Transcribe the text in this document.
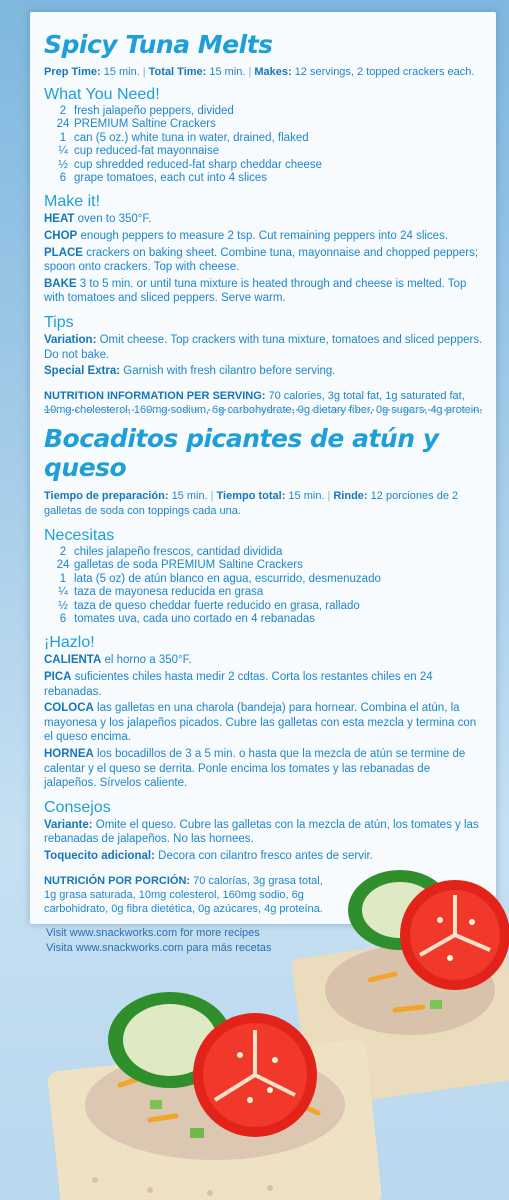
Spicy Tuna Melts
Prep Time: 15 min. | Total Time: 15 min. | Makes: 12 servings, 2 topped crackers each.
What You Need!
2 fresh jalapeño peppers, divided
24 PREMIUM Saltine Crackers
1 can (5 oz.) white tuna in water, drained, flaked
¼ cup reduced-fat mayonnaise
½ cup shredded reduced-fat sharp cheddar cheese
6 grape tomatoes, each cut into 4 slices
Make it!

HEAT oven to 350°F.

CHOP enough peppers to measure 2 tsp. Cut remaining peppers into 24 slices.

PLACE crackers on baking sheet. Combine tuna, mayonnaise and chopped peppers; spoon onto crackers. Top with cheese.

BAKE 3 to 5 min. or until tuna mixture is heated through and cheese is melted. Top with tomatoes and sliced peppers. Serve warm.

Tips

Variation: Omit cheese. Top crackers with tuna mixture, tomatoes and sliced peppers. Do not bake.

Special Extra: Garnish with fresh cilantro before serving.

NUTRITION INFORMATION PER SERVING: 70 calories, 3g total fat, 1g saturated fat, 10mg cholesterol, 160mg sodium, 6g carbohydrate, 0g dietary fiber, 0g sugars, 4g protein.
Bocaditos picantes de atún y queso
Tiempo de preparación: 15 min. | Tiempo total: 15 min. | Rinde: 12 porciones de 2 galletas de soda con toppings cada una.
Necesitas
2 chiles jalapeño frescos, cantidad dividida
24 galletas de soda PREMIUM Saltine Crackers
1 lata (5 oz) de atún blanco en agua, escurrido, desmenuzado
¼ taza de mayonesa reducida en grasa
½ taza de queso cheddar fuerte reducido en grasa, rallado
6 tomates uva, cada uno cortado en 4 rebanadas
¡Hazlo!

CALIENTA el horno a 350°F.

PICA suficientes chiles hasta medir 2 cdtas. Corta los restantes chiles en 24 rebanadas.

COLOCA las galletas en una charola (bandeja) para hornear. Combina el atún, la mayonesa y los jalapeños picados. Cubre las galletas con esta mezcla y termina con el queso encima.

HORNEA los bocadillos de 3 a 5 min. o hasta que la mezcla de atún se termine de calentar y el queso se derrita. Ponle encima los tomates y las rebanadas de jalapeños. Sírvelos caliente.

Consejos

Variante: Omite el queso. Cubre las galletas con la mezcla de atún, los tomates y las rebanadas de jalapeños. No las hornees.

Toquecito adicional: Decora con cilantro fresco antes de servir.

NUTRICIÓN POR PORCIÓN: 70 calorías, 3g grasa total, 1g grasa saturada, 10mg colesterol, 160mg sodio, 6g carbohidrato, 0g fibra dietética, 0g azúcares, 4g proteína.
Visit www.snackworks.com for more recipes
Visita www.snackworks.com para más recetas
